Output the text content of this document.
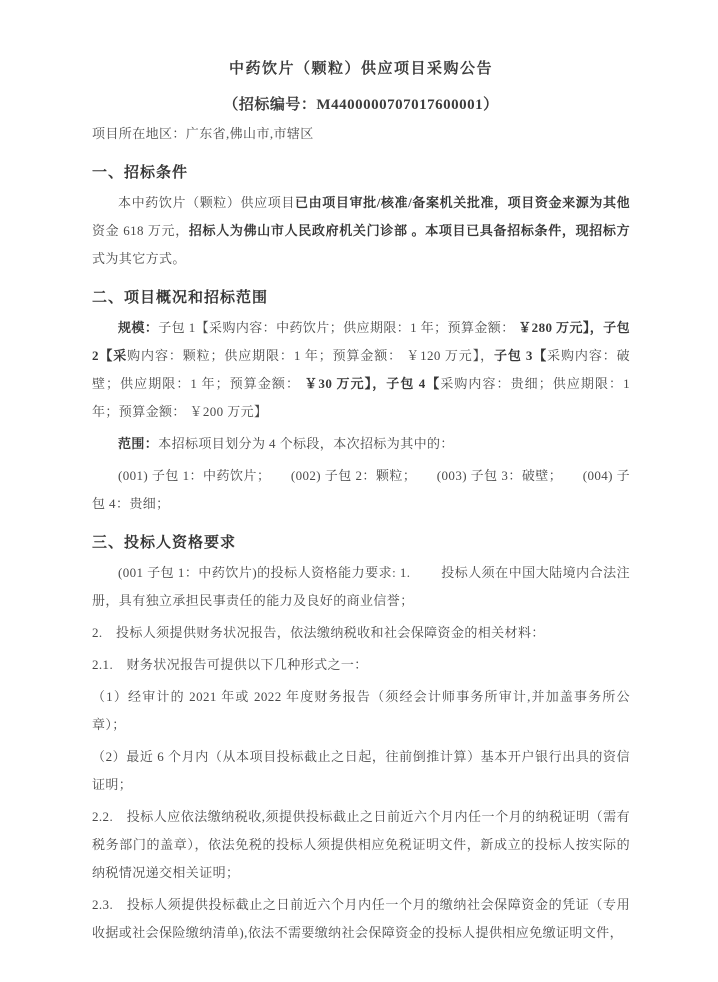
中药饮片（颗粒）供应项目采购公告
（招标编号：M4400000707017600001）

项目所在地区：广东省,佛山市,市辖区

一、招标条件

本中药饮片（颗粒）供应项目已由项目审批/核准/备案机关批准，项目资金来源为其他资金 618 万元，招标人为佛山市人民政府机关门诊部 。本项目已具备招标条件，现招标方式为其它方式。

二、项目概况和招标范围

规模：子包 1【采购内容：中药饮片；供应期限：1 年；预算金额： ￥280 万元】，子包 2【采购内容：颗粒；供应期限：1 年；预算金额： ￥120 万元】，子包 3【采购内容：破壁；供应期限：1 年；预算金额： ￥30 万元】，子包 4【采购内容：贵细；供应期限：1 年；预算金额： ￥200 万元】

范围：本招标项目划分为 4 个标段，本次招标为其中的：

(001) 子包 1：中药饮片；　　(002) 子包 2：颗粒；　　(003) 子包 3：破壁；　　(004) 子包 4：贵细；

三、投标人资格要求

(001 子包 1：中药饮片)的投标人资格能力要求: 1.　　 投标人须在中国大陆境内合法注册，具有独立承担民事责任的能力及良好的商业信誉；

2.　投标人须提供财务状况报告，依法缴纳税收和社会保障资金的相关材料：

2.1.　财务状况报告可提供以下几种形式之一：

（1）经审计的 2021 年或 2022 年度财务报告（须经会计师事务所审计,并加盖事务所公章）；

（2）最近 6 个月内（从本项目投标截止之日起，往前倒推计算）基本开户银行出具的资信证明；

2.2.　投标人应依法缴纳税收,须提供投标截止之日前近六个月内任一个月的纳税证明（需有税务部门的盖章），依法免税的投标人须提供相应免税证明文件，新成立的投标人按实际的纳税情况递交相关证明；

2.3.　投标人须提供投标截止之日前近六个月内任一个月的缴纳社会保障资金的凭证（专用收据或社会保险缴纳清单),依法不需要缴纳社会保障资金的投标人提供相应免缴证明文件，
